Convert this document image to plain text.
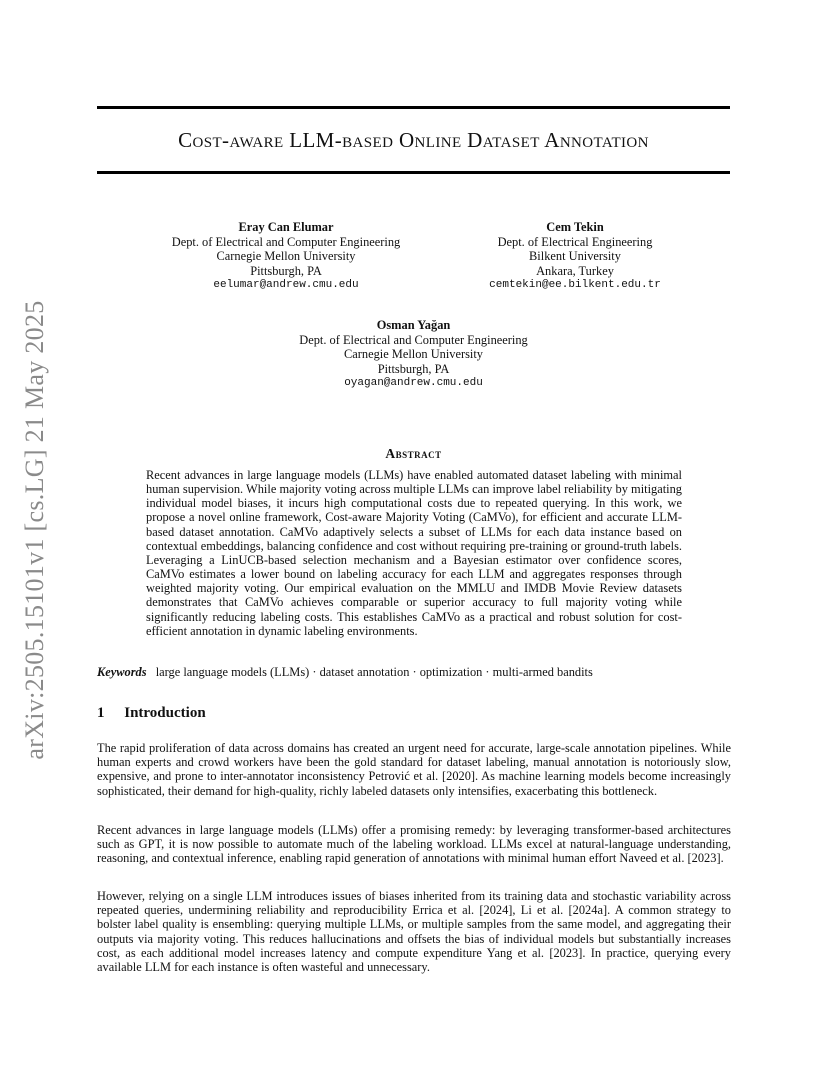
arXiv:2505.15101v1 [cs.LG] 21 May 2025
Cost-aware LLM-based Online Dataset Annotation
Eray Can Elumar
Dept. of Electrical and Computer Engineering
Carnegie Mellon University
Pittsburgh, PA
eelumar@andrew.cmu.edu
Cem Tekin
Dept. of Electrical Engineering
Bilkent University
Ankara, Turkey
cemtekin@ee.bilkent.edu.tr
Osman Yağan
Dept. of Electrical and Computer Engineering
Carnegie Mellon University
Pittsburgh, PA
oyagan@andrew.cmu.edu
Abstract
Recent advances in large language models (LLMs) have enabled automated dataset labeling with minimal human supervision. While majority voting across multiple LLMs can improve label reliability by mitigating individual model biases, it incurs high computational costs due to repeated querying. In this work, we propose a novel online framework, Cost-aware Majority Voting (CaMVo), for efficient and accurate LLM-based dataset annotation. CaMVo adaptively selects a subset of LLMs for each data instance based on contextual embeddings, balancing confidence and cost without requiring pre-training or ground-truth labels. Leveraging a LinUCB-based selection mechanism and a Bayesian estimator over confidence scores, CaMVo estimates a lower bound on labeling accuracy for each LLM and aggregates responses through weighted majority voting. Our empirical evaluation on the MMLU and IMDB Movie Review datasets demonstrates that CaMVo achieves comparable or superior accuracy to full majority voting while significantly reducing labeling costs. This establishes CaMVo as a practical and robust solution for cost-efficient annotation in dynamic labeling environments.
Keywords large language models (LLMs) · dataset annotation · optimization · multi-armed bandits
1 Introduction
The rapid proliferation of data across domains has created an urgent need for accurate, large-scale annotation pipelines. While human experts and crowd workers have been the gold standard for dataset labeling, manual annotation is notoriously slow, expensive, and prone to inter-annotator inconsistency Petrović et al. [2020]. As machine learning models become increasingly sophisticated, their demand for high-quality, richly labeled datasets only intensifies, exacerbating this bottleneck.
Recent advances in large language models (LLMs) offer a promising remedy: by leveraging transformer-based architectures such as GPT, it is now possible to automate much of the labeling workload. LLMs excel at natural-language understanding, reasoning, and contextual inference, enabling rapid generation of annotations with minimal human effort Naveed et al. [2023].
However, relying on a single LLM introduces issues of biases inherited from its training data and stochastic variability across repeated queries, undermining reliability and reproducibility Errica et al. [2024], Li et al. [2024a]. A common strategy to bolster label quality is ensembling: querying multiple LLMs, or multiple samples from the same model, and aggregating their outputs via majority voting. This reduces hallucinations and offsets the bias of individual models but substantially increases cost, as each additional model increases latency and compute expenditure Yang et al. [2023]. In practice, querying every available LLM for each instance is often wasteful and unnecessary.
